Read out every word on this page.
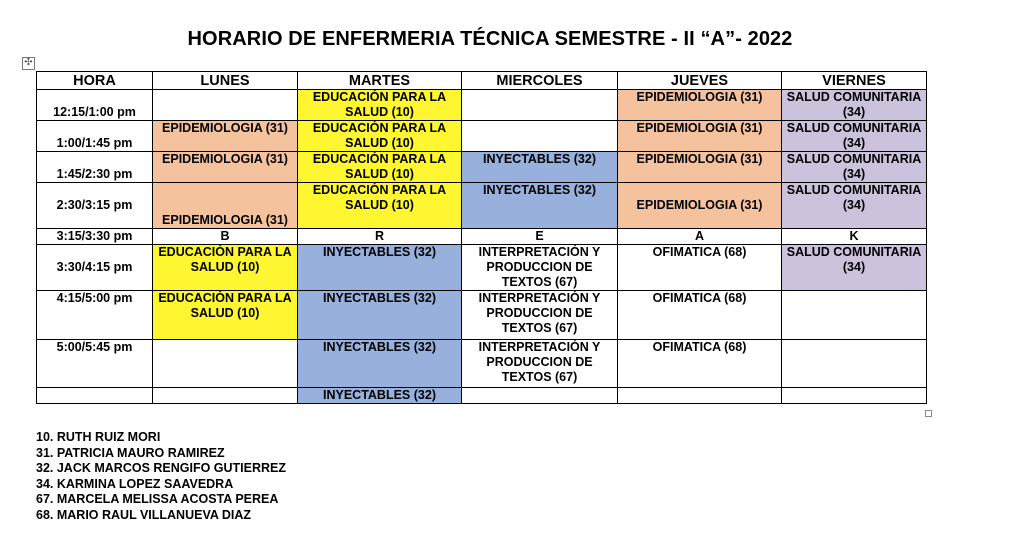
HORARIO DE ENFERMERIA TÉCNICA SEMESTRE - II “A”- 2022
✣
HORA	LUNES	MARTES	MIERCOLES	JUEVES	VIERNES
12:15/1:00 pm		EDUCACIÓN PARA LA SALUD (10)		EPIDEMIOLOGIA (31)	SALUD COMUNITARIA (34)
1:00/1:45 pm	EPIDEMIOLOGIA (31)	EDUCACIÓN PARA LA SALUD (10)		EPIDEMIOLOGIA (31)	SALUD COMUNITARIA (34)
1:45/2:30 pm	EPIDEMIOLOGIA (31)	EDUCACIÓN PARA LA SALUD (10)	INYECTABLES (32)	EPIDEMIOLOGIA (31)	SALUD COMUNITARIA (34)
2:30/3:15 pm	EPIDEMIOLOGIA (31)	EDUCACIÓN PARA LA SALUD (10)	INYECTABLES (32)	EPIDEMIOLOGIA (31)	SALUD COMUNITARIA (34)
3:15/3:30 pm	B	R	E	A	K
3:30/4:15 pm	EDUCACIÓN PARA LA SALUD (10)	INYECTABLES (32)	INTERPRETACIÓN Y PRODUCCION DE TEXTOS (67)	OFIMATICA (68)	SALUD COMUNITARIA (34)
4:15/5:00 pm	EDUCACIÓN PARA LA SALUD (10)	INYECTABLES (32)	INTERPRETACIÓN Y PRODUCCION DE TEXTOS (67)	OFIMATICA (68)	
5:00/5:45 pm		INYECTABLES (32)	INTERPRETACIÓN Y PRODUCCION DE TEXTOS (67)	OFIMATICA (68)	
		INYECTABLES (32)			
10. RUTH RUIZ MORI
31. PATRICIA MAURO RAMIREZ
32. JACK MARCOS RENGIFO GUTIERREZ
34. KARMINA LOPEZ SAAVEDRA
67. MARCELA MELISSA ACOSTA PEREA
68. MARIO RAUL VILLANUEVA DIAZ
